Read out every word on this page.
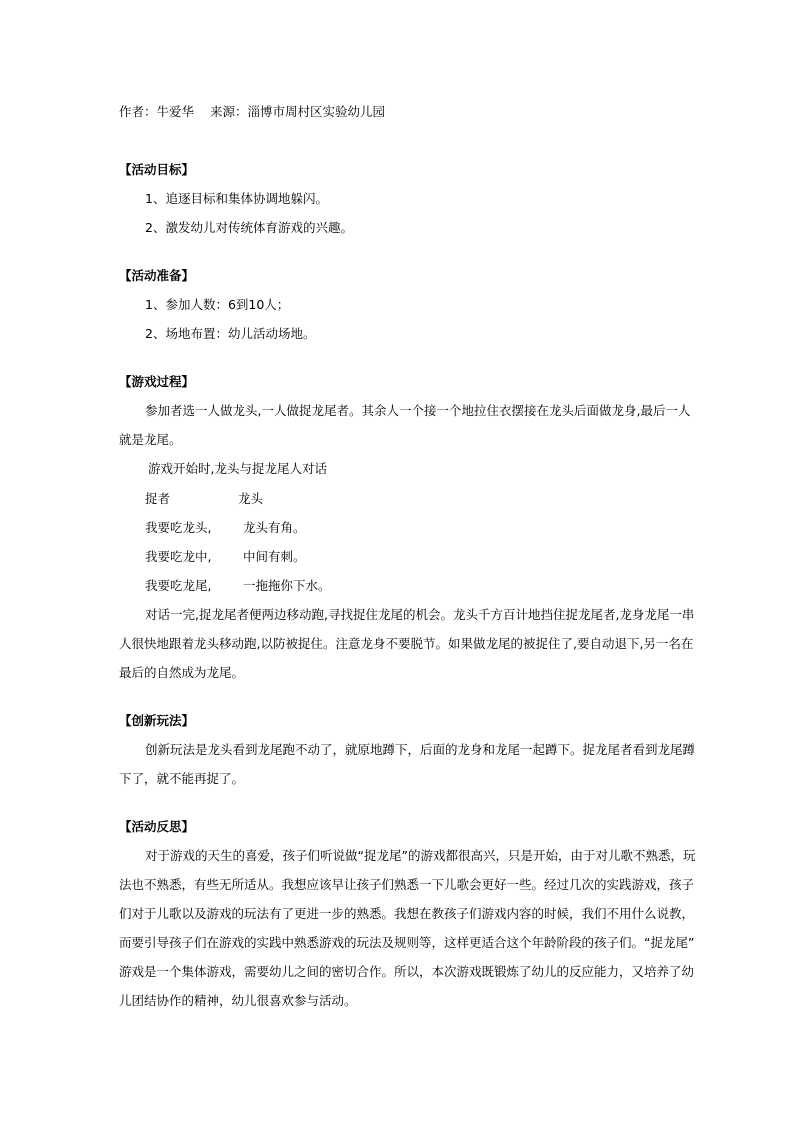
作者：牛爱华 来源：淄博市周村区实验幼儿园
【活动目标】
1、追逐目标和集体协调地躲闪。
2、激发幼儿对传统体育游戏的兴趣。
【活动准备】
1、参加人数：6到10人；
2、场地布置：幼儿活动场地。
【游戏过程】
参加者选一人做龙头,一人做捉龙尾者。其余人一个接一个地拉住衣摆接在龙头后面做龙身,最后一人
就是龙尾。
游戏开始时,龙头与捉龙尾人对话
捉者	龙头
我要吃龙头,	龙头有角。
我要吃龙中,	中间有刺。
我要吃龙尾,	一拖拖你下水。
对话一完,捉龙尾者便两边移动跑,寻找捉住龙尾的机会。龙头千方百计地挡住捉龙尾者,龙身龙尾一串
人很快地跟着龙头移动跑,以防被捉住。注意龙身不要脱节。如果做龙尾的被捉住了,要自动退下,另一名在
最后的自然成为龙尾。
【创新玩法】
创新玩法是龙头看到龙尾跑不动了，就原地蹲下，后面的龙身和龙尾一起蹲下。捉龙尾者看到龙尾蹲
下了，就不能再捉了。
【活动反思】
对于游戏的天生的喜爱，孩子们听说做“捉龙尾”的游戏都很高兴，只是开始，由于对儿歌不熟悉，玩
法也不熟悉，有些无所适从。我想应该早让孩子们熟悉一下儿歌会更好一些。经过几次的实践游戏，孩子
们对于儿歌以及游戏的玩法有了更进一步的熟悉。我想在教孩子们游戏内容的时候，我们不用什么说教，
而要引导孩子们在游戏的实践中熟悉游戏的玩法及规则等，这样更适合这个年龄阶段的孩子们。“捉龙尾”
游戏是一个集体游戏，需要幼儿之间的密切合作。所以，本次游戏既锻炼了幼儿的反应能力，又培养了幼
儿团结协作的精神，幼儿很喜欢参与活动。
